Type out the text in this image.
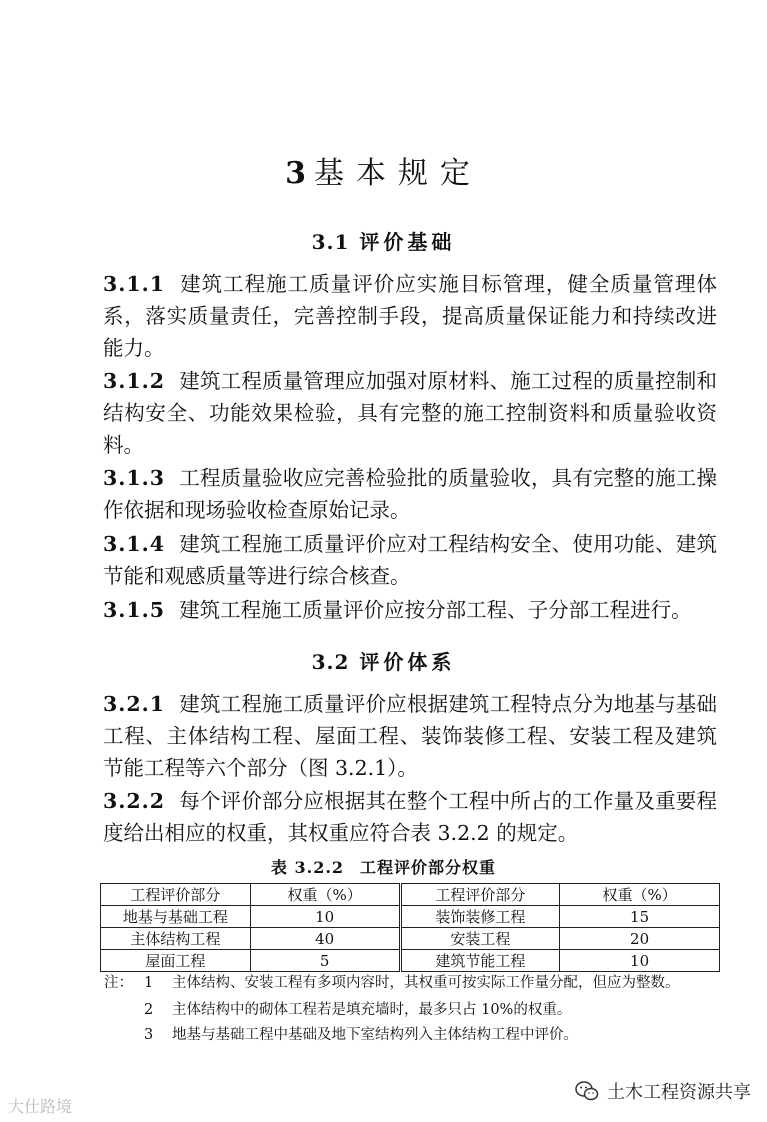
3 基本规定
3.1 评价基础
3.1.1 建筑工程施工质量评价应实施目标管理，健全质量管理体系，落实质量责任，完善控制手段，提高质量保证能力和持续改进能力。
3.1.2 建筑工程质量管理应加强对原材料、施工过程的质量控制和结构安全、功能效果检验，具有完整的施工控制资料和质量验收资料。
3.1.3 工程质量验收应完善检验批的质量验收，具有完整的施工操作依据和现场验收检查原始记录。
3.1.4 建筑工程施工质量评价应对工程结构安全、使用功能、建筑节能和观感质量等进行综合核查。
3.1.5 建筑工程施工质量评价应按分部工程、子分部工程进行。
3.2 评价体系
3.2.1 建筑工程施工质量评价应根据建筑工程特点分为地基与基础工程、主体结构工程、屋面工程、装饰装修工程、安装工程及建筑节能工程等六个部分（图 3.2.1）。
3.2.2 每个评价部分应根据其在整个工程中所占的工作量及重要程度给出相应的权重，其权重应符合表 3.2.2 的规定。
表 3.2.2 工程评价部分权重
工程评价部分	权重（%）	工程评价部分	权重（%）
地基与基础工程	10	装饰装修工程	15
主体结构工程	40	安装工程	20
屋面工程	5	建筑节能工程	10
注： 1	主体结构、安装工程有多项内容时，其权重可按实际工作量分配，但应为整数。
2	主体结构中的砌体工程若是填充墙时，最多只占 10%的权重。
3	地基与基础工程中基础及地下室结构列入主体结构工程中评价。
大仕路境
土木工程资源共享
